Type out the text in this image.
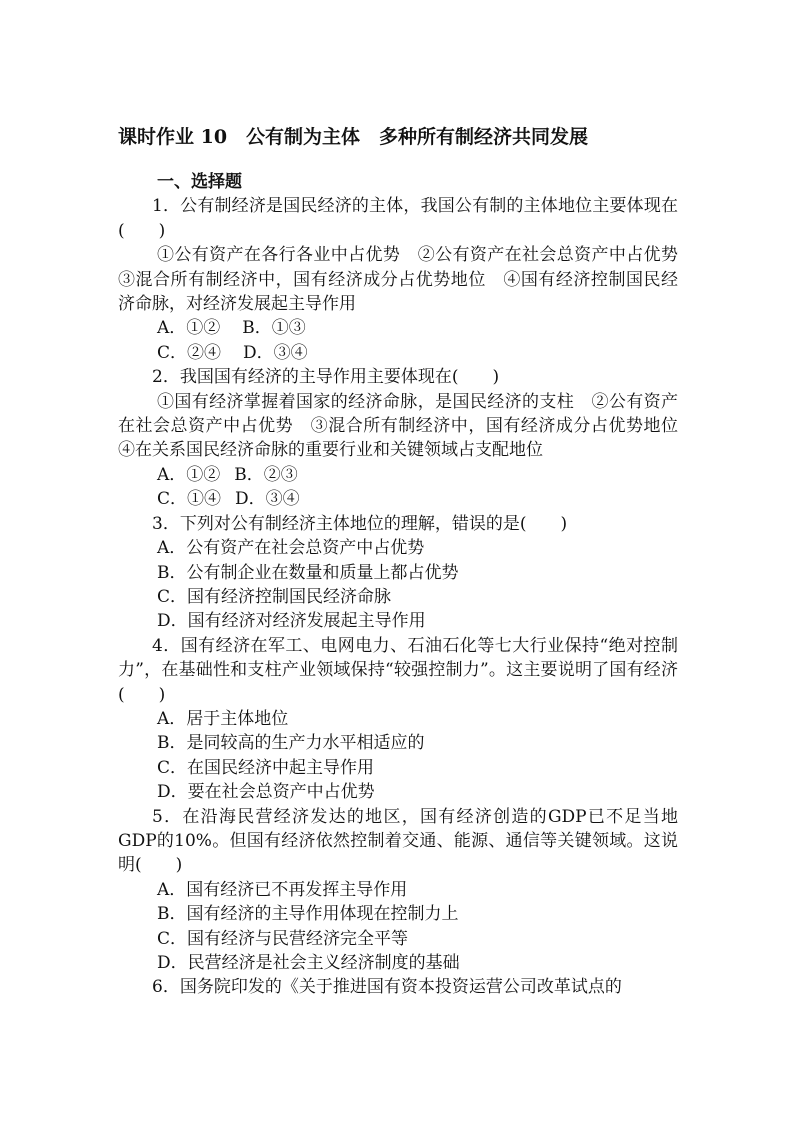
课时作业 10　公有制为主体　多种所有制经济共同发展

一、选择题

1．公有制经济是国民经济的主体，我国公有制的主体地位主要体现在(　　)

①公有资产在各行各业中占优势　②公有资产在社会总资产中占优势　③混合所有制经济中，国有经济成分占优势地位　④国有经济控制国民经济命脉，对经济发展起主导作用

A．①② B．①③

C．②④ D．③④

2．我国国有经济的主导作用主要体现在(　　)

①国有经济掌握着国家的经济命脉，是国民经济的支柱　②公有资产在社会总资产中占优势　③混合所有制经济中，国有经济成分占优势地位　④在关系国民经济命脉的重要行业和关键领域占支配地位

A．①② B．②③

C．①④ D．③④

3．下列对公有制经济主体地位的理解，错误的是(　　)

A．公有资产在社会总资产中占优势

B．公有制企业在数量和质量上都占优势

C．国有经济控制国民经济命脉

D．国有经济对经济发展起主导作用

4．国有经济在军工、电网电力、石油石化等七大行业保持“绝对控制力”，在基础性和支柱产业领域保持“较强控制力”。这主要说明了国有经济(　　)

A．居于主体地位

B．是同较高的生产力水平相适应的

C．在国民经济中起主导作用

D．要在社会总资产中占优势

5．在沿海民营经济发达的地区，国有经济创造的GDP已不足当地GDP的10%。但国有经济依然控制着交通、能源、通信等关键领域。这说明(　　)

A．国有经济已不再发挥主导作用

B．国有经济的主导作用体现在控制力上

C．国有经济与民营经济完全平等

D．民营经济是社会主义经济制度的基础

6．国务院印发的《关于推进国有资本投资运营公司改革试点的
